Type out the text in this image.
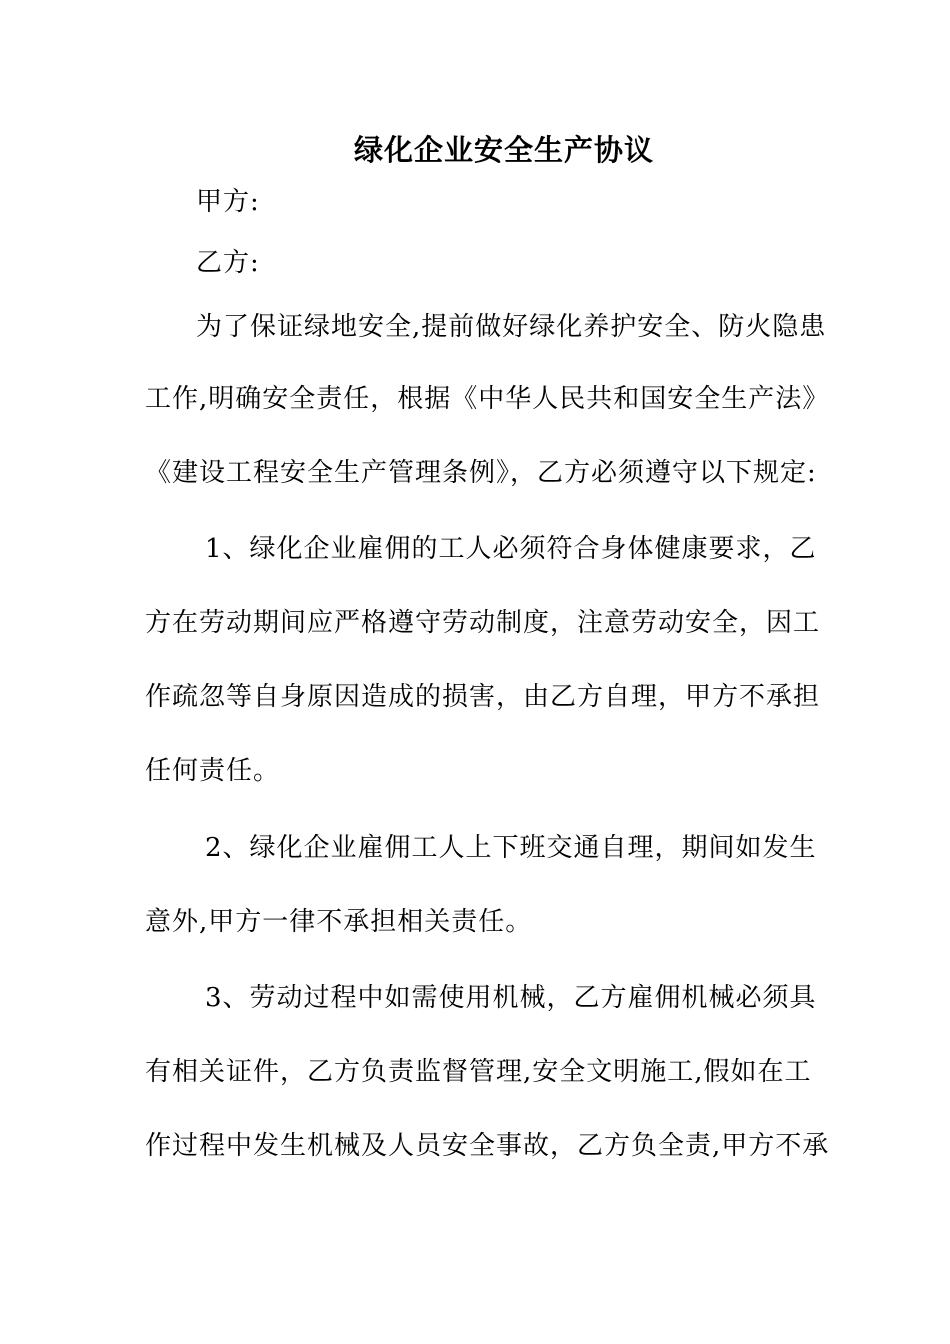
绿化企业安全生产协议
甲方:
乙方:
为了保证绿地安全,提前做好绿化养护安全、防火隐患
工作,明确安全责任，根据《中华人民共和国安全生产法》
《建设工程安全生产管理条例》，乙方必须遵守以下规定:
1、绿化企业雇佣的工人必须符合身体健康要求，乙
方在劳动期间应严格遵守劳动制度，注意劳动安全，因工
作疏忽等自身原因造成的损害，由乙方自理，甲方不承担
任何责任。
2、绿化企业雇佣工人上下班交通自理，期间如发生
意外,甲方一律不承担相关责任。
3、劳动过程中如需使用机械，乙方雇佣机械必须具
有相关证件，乙方负责监督管理,安全文明施工,假如在工
作过程中发生机械及人员安全事故，乙方负全责,甲方不承
